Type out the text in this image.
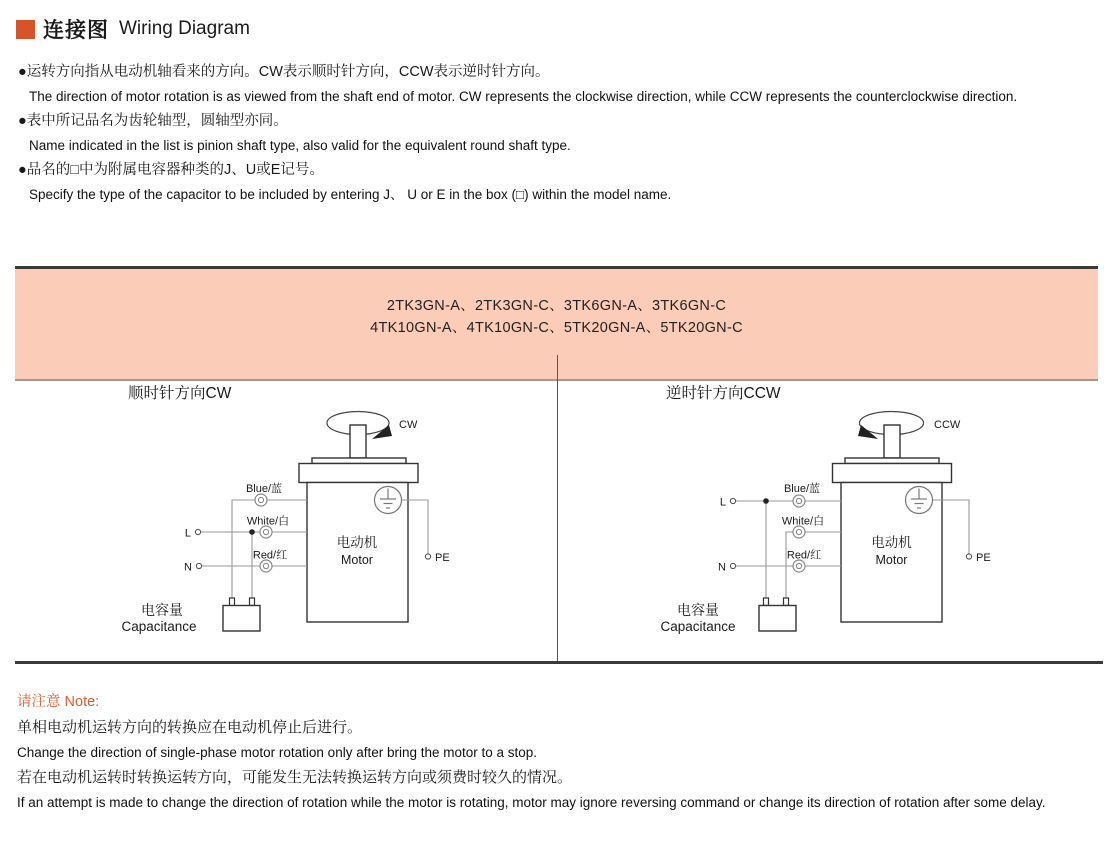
连接图 Wiring Diagram
●运转方向指从电动机轴看来的方向。CW表示顺时针方向，CCW表示逆时针方向。
The direction of motor rotation is as viewed from the shaft end of motor. CW represents the clockwise direction, while CCW represents the counterclockwise direction.
●表中所记品名为齿轮轴型，圆轴型亦同。
Name indicated in the list is pinion shaft type, also valid for the equivalent round shaft type.
●品名的□中为附属电容器种类的J、U或E记号。
Specify the type of the capacitor to be included by entering J、 U or E in the box (□) within the model name.
2TK3GN-A、2TK3GN-C、3TK6GN-A、3TK6GN-C
4TK10GN-A、4TK10GN-C、5TK20GN-A、5TK20GN-C
顺时针方向CW
CW
电动机
Motor	PE
Blue/蓝
White/白
Red/红
L
N
电容量
Capacitance
逆时针方向CCW
CCW
电动机
Motor	PE
Blue/蓝
White/白
Red/红
L
N
电容量
Capacitance
请注意 Note:
单相电动机运转方向的转换应在电动机停止后进行。
Change the direction of single-phase motor rotation only after bring the motor to a stop.
若在电动机运转时转换运转方向，可能发生无法转换运转方向或须费时较久的情况。
If an attempt is made to change the direction of rotation while the motor is rotating, motor may ignore reversing command or change its direction of rotation after some delay.
